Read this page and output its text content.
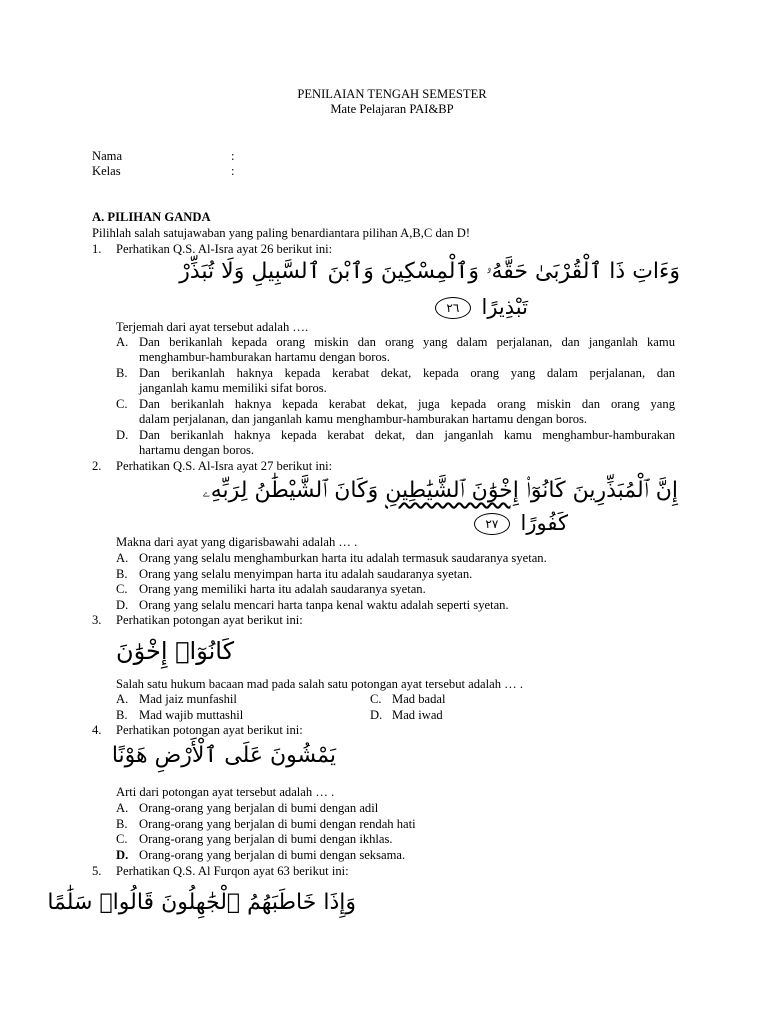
PENILAIAN TENGAH SEMESTER
Mate Pelajaran PAI&BP
Nama	:
Kelas	:
A. PILIHAN GANDA
Pilihlah salah satujawaban yang paling benardiantara pilihan A,B,C dan D!
1. Perhatikan Q.S. Al-Isra ayat 26 berikut ini:
وَءَاتِ ذَا ٱلْقُرْبَىٰ حَقَّهُۥ وَٱلْمِسْكِينَ وَٱبْنَ ٱلسَّبِيلِ وَلَا تُبَذِّرْ
تَبْذِيرًا ٢٦
Terjemah dari ayat tersebut adalah ….
A. Dan berikanlah kepada orang miskin dan orang yang dalam perjalanan, dan janganlah kamu
menghambur-hamburakan hartamu dengan boros.
B. Dan berikanlah haknya kepada kerabat dekat, kepada orang yang dalam perjalanan, dan
janganlah kamu memiliki sifat boros.
C. Dan berikanlah haknya kepada kerabat dekat, juga kepada orang miskin dan orang yang
dalam perjalanan, dan janganlah kamu menghambur-hamburakan hartamu dengan boros.
D. Dan berikanlah haknya kepada kerabat dekat, dan janganlah kamu menghambur-hamburakan
hartamu dengan boros.
2. Perhatikan Q.S. Al-Isra ayat 27 berikut ini:
إِنَّ ٱلْمُبَذِّرِينَ كَانُوٓا۟ إِخْوَٰنَ ٱلشَّيَٰطِينِ وَكَانَ ٱلشَّيْطَٰنُ لِرَبِّهِۦ
كَفُورًا ٢٧
Makna dari ayat yang digarisbawahi adalah … .
A. Orang yang selalu menghamburkan harta itu adalah termasuk saudaranya syetan.
B. Orang yang selalu menyimpan harta itu adalah saudaranya syetan.
C. Orang yang memiliki harta itu adalah saudaranya syetan.
D. Orang yang selalu mencari harta tanpa kenal waktu adalah seperti syetan.
3. Perhatikan potongan ayat berikut ini:
كَانُوٓا۟ إِخْوَٰنَ
Salah satu hukum bacaan mad pada salah satu potongan ayat tersebut adalah … .
A. Mad jaiz munfashil	C. Mad badal
B. Mad wajib muttashil	D. Mad iwad
4. Perhatikan potongan ayat berikut ini:
يَمْشُونَ عَلَى ٱلْأَرْضِ هَوْنًا
Arti dari potongan ayat tersebut adalah … .
A. Orang-orang yang berjalan di bumi dengan adil
B. Orang-orang yang berjalan di bumi dengan rendah hati
C. Orang-orang yang berjalan di bumi dengan ikhlas.
D. Orang-orang yang berjalan di bumi dengan seksama.
5. Perhatikan Q.S. Al Furqon ayat 63 berikut ini:
وَإِذَا خَاطَبَهُمُ ٱلْجَٰهِلُونَ قَالُوا۟ سَلَٰمًا
